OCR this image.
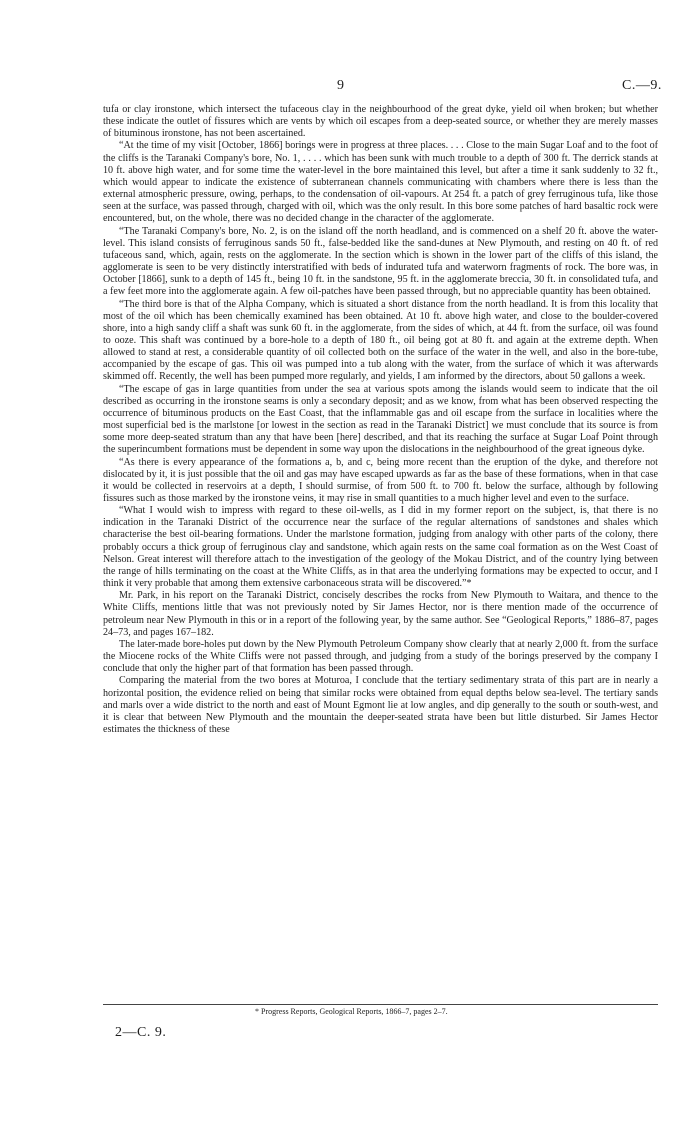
9	C.—9.

tufa or clay ironstone, which intersect the tufaceous clay in the neighbourhood of the great dyke, yield oil when broken; but whether these indicate the outlet of fissures which are vents by which oil escapes from a deep-seated source, or whether they are merely masses of bituminous ironstone, has not been ascertained.

“At the time of my visit [October, 1866] borings were in progress at three places. . . . Close to the main Sugar Loaf and to the foot of the cliffs is the Taranaki Company's bore, No. 1, . . . . which has been sunk with much trouble to a depth of 300 ft. The derrick stands at 10 ft. above high water, and for some time the water-level in the bore maintained this level, but after a time it sank suddenly to 32 ft., which would appear to indicate the existence of subterranean channels communicating with chambers where there is less than the external atmospheric pressure, owing, perhaps, to the condensation of oil-vapours. At 254 ft. a patch of grey ferruginous tufa, like those seen at the surface, was passed through, charged with oil, which was the only result. In this bore some patches of hard basaltic rock were encountered, but, on the whole, there was no decided change in the character of the agglomerate.

“The Taranaki Company's bore, No. 2, is on the island off the north headland, and is commenced on a shelf 20 ft. above the water-level. This island consists of ferruginous sands 50 ft., false-bedded like the sand-dunes at New Plymouth, and resting on 40 ft. of red tufaceous sand, which, again, rests on the agglomerate. In the section which is shown in the lower part of the cliffs of this island, the agglomerate is seen to be very distinctly interstratified with beds of indurated tufa and waterworn fragments of rock. The bore was, in October [1866], sunk to a depth of 145 ft., being 10 ft. in the sandstone, 95 ft. in the agglomerate breccia, 30 ft. in consolidated tufa, and a few feet more into the agglomerate again. A few oil-patches have been passed through, but no appreciable quantity has been obtained.

“The third bore is that of the Alpha Company, which is situated a short distance from the north headland. It is from this locality that most of the oil which has been chemically examined has been obtained. At 10 ft. above high water, and close to the boulder-covered shore, into a high sandy cliff a shaft was sunk 60 ft. in the agglomerate, from the sides of which, at 44 ft. from the surface, oil was found to ooze. This shaft was continued by a bore-hole to a depth of 180 ft., oil being got at 80 ft. and again at the extreme depth. When allowed to stand at rest, a considerable quantity of oil collected both on the surface of the water in the well, and also in the bore-tube, accompanied by the escape of gas. This oil was pumped into a tub along with the water, from the surface of which it was afterwards skimmed off. Recently, the well has been pumped more regularly, and yields, I am informed by the directors, about 50 gallons a week.

“The escape of gas in large quantities from under the sea at various spots among the islands would seem to indicate that the oil described as occurring in the ironstone seams is only a secondary deposit; and as we know, from what has been observed respecting the occurrence of bituminous products on the East Coast, that the inflammable gas and oil escape from the surface in localities where the most superficial bed is the marlstone [or lowest in the section as read in the Taranaki District] we must conclude that its source is from some more deep-seated stratum than any that have been [here] described, and that its reaching the surface at Sugar Loaf Point through the superincumbent formations must be dependent in some way upon the dislocations in the neighbourhood of the great igneous dyke.

“As there is every appearance of the formations a, b, and c, being more recent than the eruption of the dyke, and therefore not dislocated by it, it is just possible that the oil and gas may have escaped upwards as far as the base of these formations, when in that case it would be collected in reservoirs at a depth, I should surmise, of from 500 ft. to 700 ft. below the surface, although by following fissures such as those marked by the ironstone veins, it may rise in small quantities to a much higher level and even to the surface.

“What I would wish to impress with regard to these oil-wells, as I did in my former report on the subject, is, that there is no indication in the Taranaki District of the occurrence near the surface of the regular alternations of sandstones and shales which characterise the best oil-bearing formations. Under the marlstone formation, judging from analogy with other parts of the colony, there probably occurs a thick group of ferruginous clay and sandstone, which again rests on the same coal formation as on the West Coast of Nelson. Great interest will therefore attach to the investigation of the geology of the Mokau District, and of the country lying between the range of hills terminating on the coast at the White Cliffs, as in that area the underlying formations may be expected to occur, and I think it very probable that among them extensive carbonaceous strata will be discovered.”*

Mr. Park, in his report on the Taranaki District, concisely describes the rocks from New Plymouth to Waitara, and thence to the White Cliffs, mentions little that was not previously noted by Sir James Hector, nor is there mention made of the occurrence of petroleum near New Plymouth in this or in a report of the following year, by the same author. See “Geological Reports,” 1886–87, pages 24–73, and pages 167–182.

The later-made bore-holes put down by the New Plymouth Petroleum Company show clearly that at nearly 2,000 ft. from the surface the Miocene rocks of the White Cliffs were not passed through, and judging from a study of the borings preserved by the company I conclude that only the higher part of that formation has been passed through.

Comparing the material from the two bores at Moturoa, I conclude that the tertiary sedimentary strata of this part are in nearly a horizontal position, the evidence relied on being that similar rocks were obtained from equal depths below sea-level. The tertiary sands and marls over a wide district to the north and east of Mount Egmont lie at low angles, and dip generally to the south or south-west, and it is clear that between New Plymouth and the mountain the deeper-seated strata have been but little disturbed. Sir James Hector estimates the thickness of these

* Progress Reports, Geological Reports, 1866–7, pages 2–7.
2—C. 9.
